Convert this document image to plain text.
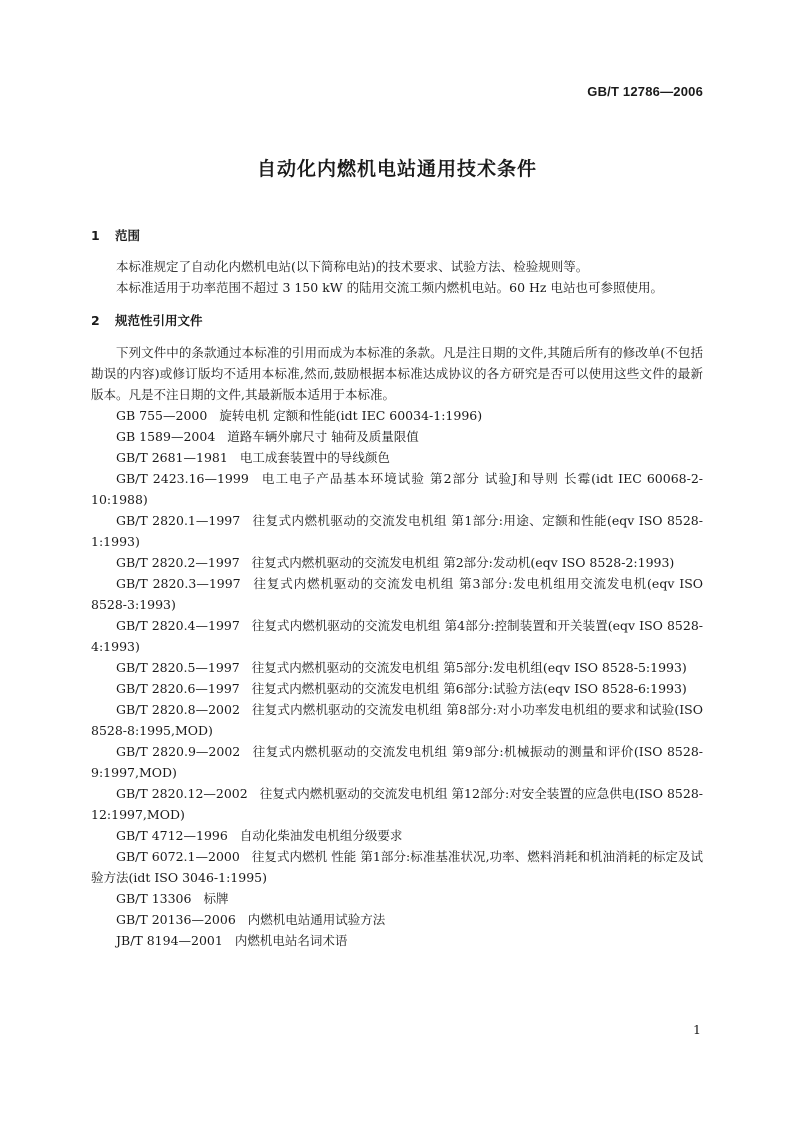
GB/T 12786—2006
自动化内燃机电站通用技术条件
1 范围

本标准规定了自动化内燃机电站(以下简称电站)的技术要求、试验方法、检验规则等。

本标准适用于功率范围不超过 3 150 kW 的陆用交流工频内燃机电站。60 Hz 电站也可参照使用。

2 规范性引用文件

下列文件中的条款通过本标准的引用而成为本标准的条款。凡是注日期的文件,其随后所有的修改单(不包括勘误的内容)或修订版均不适用本标准,然而,鼓励根据本标准达成协议的各方研究是否可以使用这些文件的最新版本。凡是不注日期的文件,其最新版本适用于本标准。

GB 755—2000 旋转电机 定额和性能(idt IEC 60034-1:1996)
GB 1589—2004 道路车辆外廓尺寸 轴荷及质量限值
GB/T 2681—1981 电工成套装置中的导线颜色
GB/T 2423.16—1999 电工电子产品基本环境试验 第2部分 试验J和导则 长霉(idt IEC 60068-2-10:1988)
GB/T 2820.1—1997 往复式内燃机驱动的交流发电机组 第1部分:用途、定额和性能(eqv ISO 8528-1:1993)
GB/T 2820.2—1997 往复式内燃机驱动的交流发电机组 第2部分:发动机(eqv ISO 8528-2:1993)
GB/T 2820.3—1997 往复式内燃机驱动的交流发电机组 第3部分:发电机组用交流发电机(eqv ISO 8528-3:1993)
GB/T 2820.4—1997 往复式内燃机驱动的交流发电机组 第4部分:控制装置和开关装置(eqv ISO 8528-4:1993)
GB/T 2820.5—1997 往复式内燃机驱动的交流发电机组 第5部分:发电机组(eqv ISO 8528-5:1993)
GB/T 2820.6—1997 往复式内燃机驱动的交流发电机组 第6部分:试验方法(eqv ISO 8528-6:1993)
GB/T 2820.8—2002 往复式内燃机驱动的交流发电机组 第8部分:对小功率发电机组的要求和试验(ISO 8528-8:1995,MOD)
GB/T 2820.9—2002 往复式内燃机驱动的交流发电机组 第9部分:机械振动的测量和评价(ISO 8528-9:1997,MOD)
GB/T 2820.12—2002 往复式内燃机驱动的交流发电机组 第12部分:对安全装置的应急供电(ISO 8528-12:1997,MOD)
GB/T 4712—1996 自动化柴油发电机组分级要求
GB/T 6072.1—2000 往复式内燃机 性能 第1部分:标准基准状况,功率、燃料消耗和机油消耗的标定及试验方法(idt ISO 3046-1:1995)
GB/T 13306 标牌
GB/T 20136—2006 内燃机电站通用试验方法
JB/T 8194—2001 内燃机电站名词术语
1
